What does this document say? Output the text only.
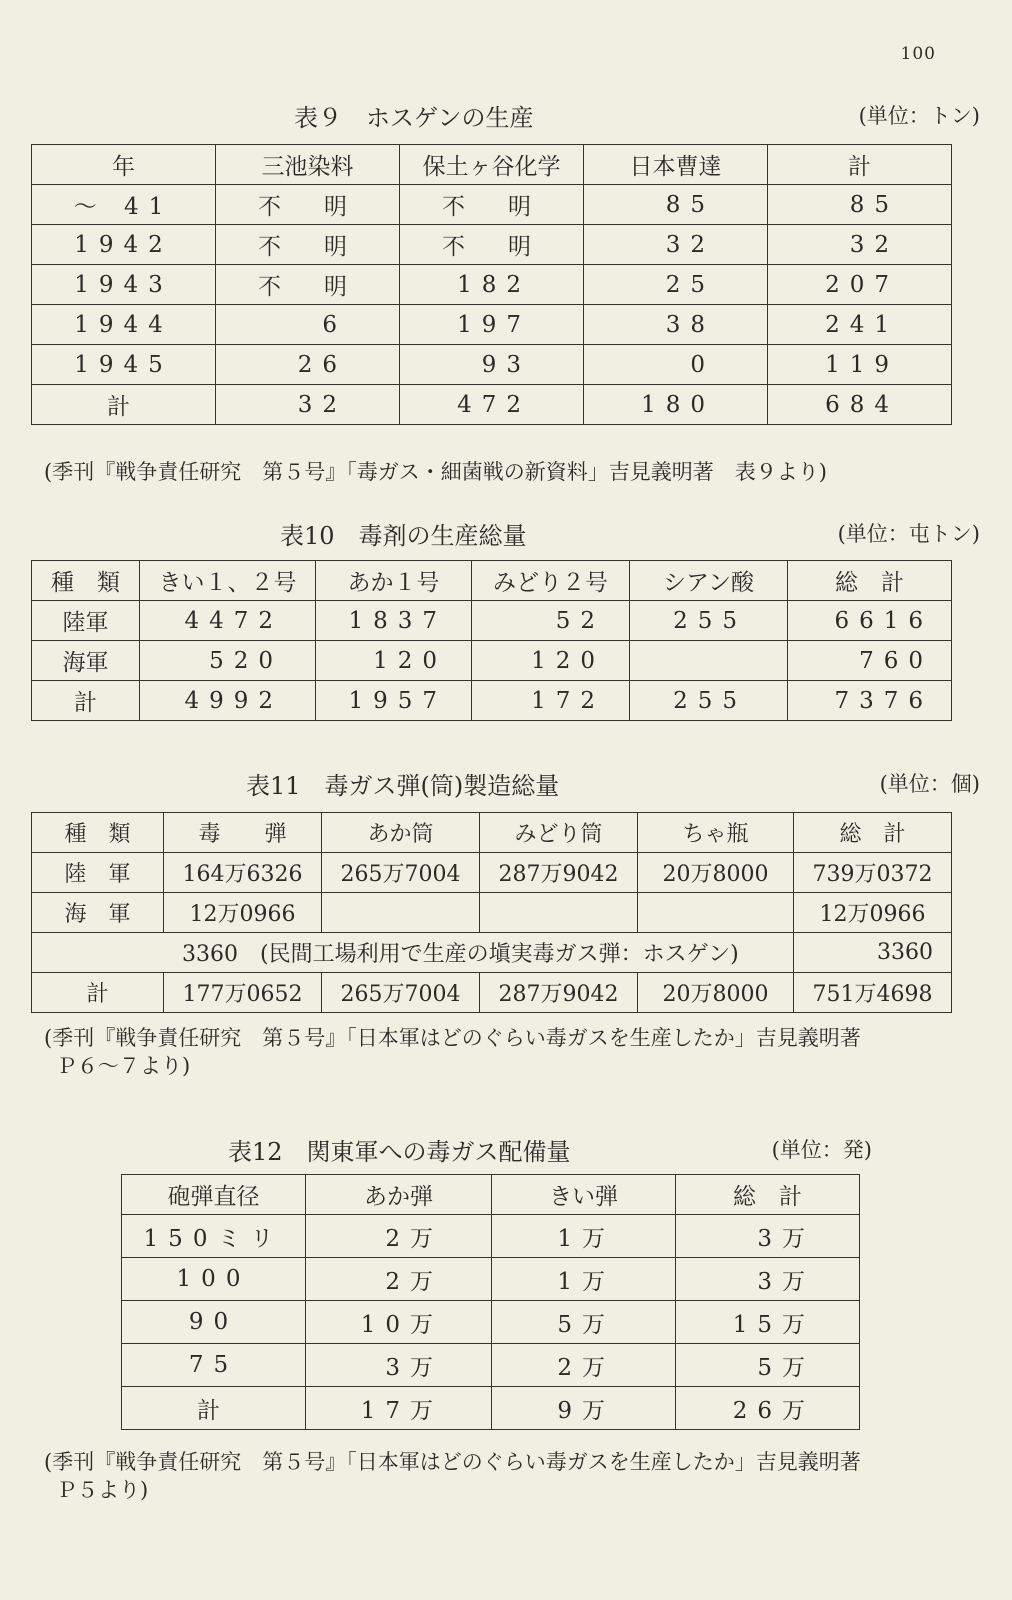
100
表９　ホスゲンの生産	(単位：トン)
年	三池染料	保土ヶ谷化学	日本曹達	計
～ 41	不　明	不　明	85	85
1942	不　明	不　明	32	32
1943	不　明	182	25	207
1944	6	197	38	241
1945	26	93	0	119
計	32	472	180	684
(季刊『戦争責任研究　第５号』「毒ガス・細菌戦の新資料」吉見義明著　表９より)
表10　毒剤の生産総量	(単位：屯トン)
種　類	きい１、２号	あか１号	みどり２号	シアン酸	総　計
陸軍	4472	1837	52	255	6616
海軍	520	120	120		760
計	4992	1957	172	255	7376
表11　毒ガス弾(筒)製造総量	(単位：個)
種　類	毒　　弾	あか筒	みどり筒	ちゃ瓶	総　計
陸　軍	164万6326	265万7004	287万9042	20万8000	739万0372
海　軍	12万0966				12万0966
3360　 (民間工場利用で生産の塡実毒ガス弾：ホスゲン)					3360
計	177万0652	265万7004	287万9042	20万8000	751万4698
(季刊『戦争責任研究　第５号』「日本軍はどのぐらい毒ガスを生産したか」吉見義明著
Ｐ６～７より)
表12　関東軍への毒ガス配備量	(単位：発)
砲弾直径	あか弾	きい弾	総　計
150ミリ	2万	1万	3万
100	2万	1万	3万
90	10万	5万	15万
75	3万	2万	5万
計	17万	9万	26万
(季刊『戦争責任研究　第５号』「日本軍はどのぐらい毒ガスを生産したか」吉見義明著
Ｐ５より)
